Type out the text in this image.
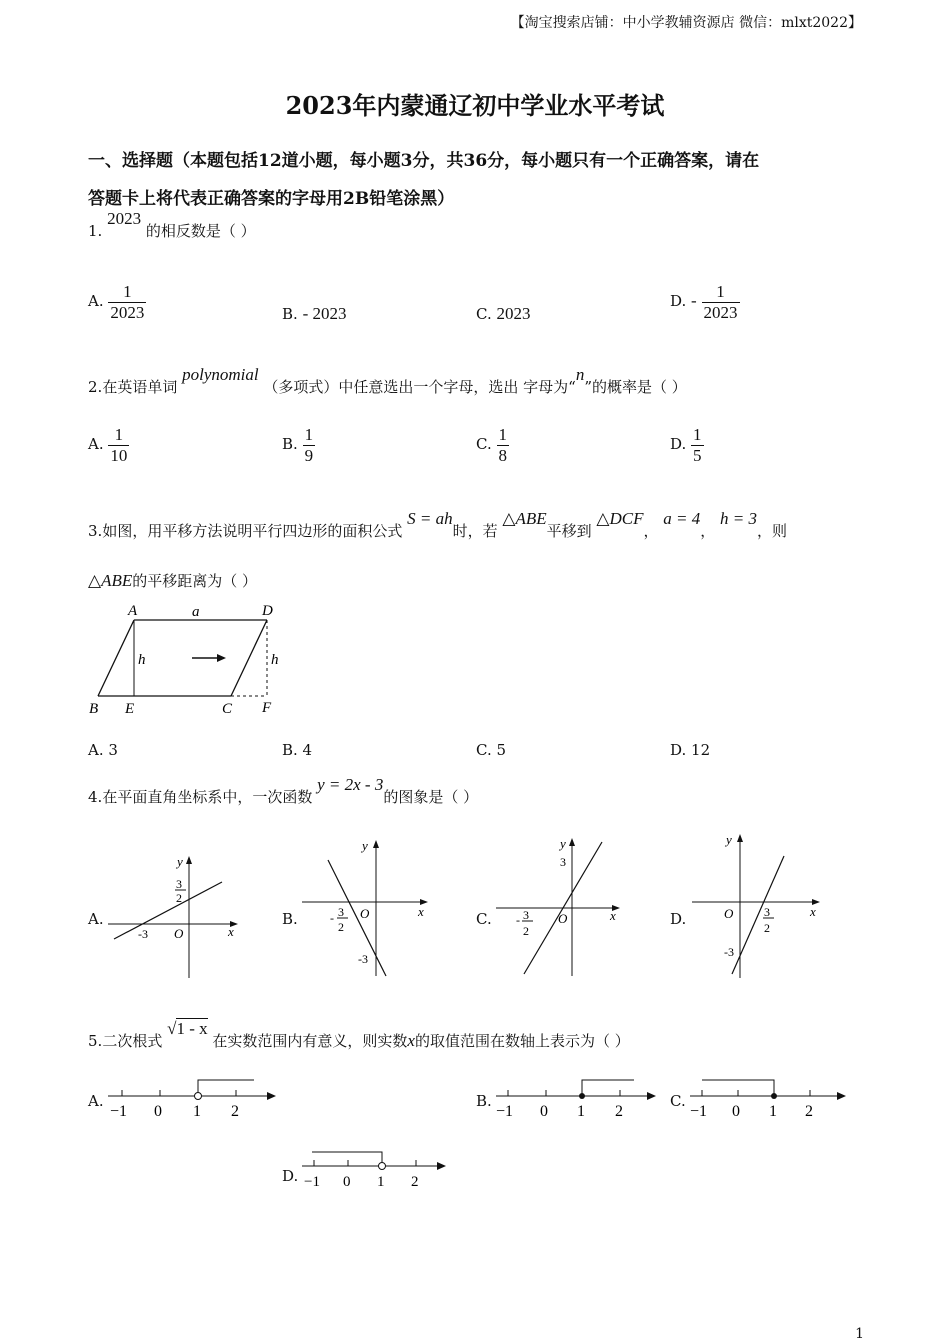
【淘宝搜索店铺：中小学教辅资源店 微信：mlxt2022】
2023年内蒙通辽初中学业水平考试
一、选择题（本题包括12道小题，每小题3分，共36分，每小题只有一个正确答案，请在
答题卡上将代表正确答案的字母用2B铅笔涂黑）
1. 2023 的相反数是（ ）
A. $\frac{1}{2023}$	B. - 2023	C. 2023
D. - $\frac{1}{2023}$
2.在英语单词 polynomial （多项式）中任意选出一个字母，选出 字母为“n”的概率是（ ）
A. $\frac{1}{10}$	B. $\frac{1}{9}$	C. $\frac{1}{8}$	D. $\frac{1}{5}$
3.如图，用平移方法说明平行四边形的面积公式 S = ah时，若 △ABE平移到 △DCF， a = 4， h = 3，则
△ABE的平移距离为（ ）
A	a	D
h	h
B E	C F
A. 3	B. 4	C. 5	D. 12
4.在平面直角坐标系中，一次函数 y = 2x - 3的图象是（ ）
A.
y
x
O
-3
3
2
B.
y
x
O
- 3
2
-3
C.
y
x
O
3
- 3
2
D.
y
x
O	3
2
-3
5.二次根式 √1 - x 在实数范围内有意义，则实数x的取值范围在数轴上表示为（ ）
A.
−1 0 1 2
B.
−1 0 1 2
C.
−1 0 1 2
D. −1 0 1 2
1
